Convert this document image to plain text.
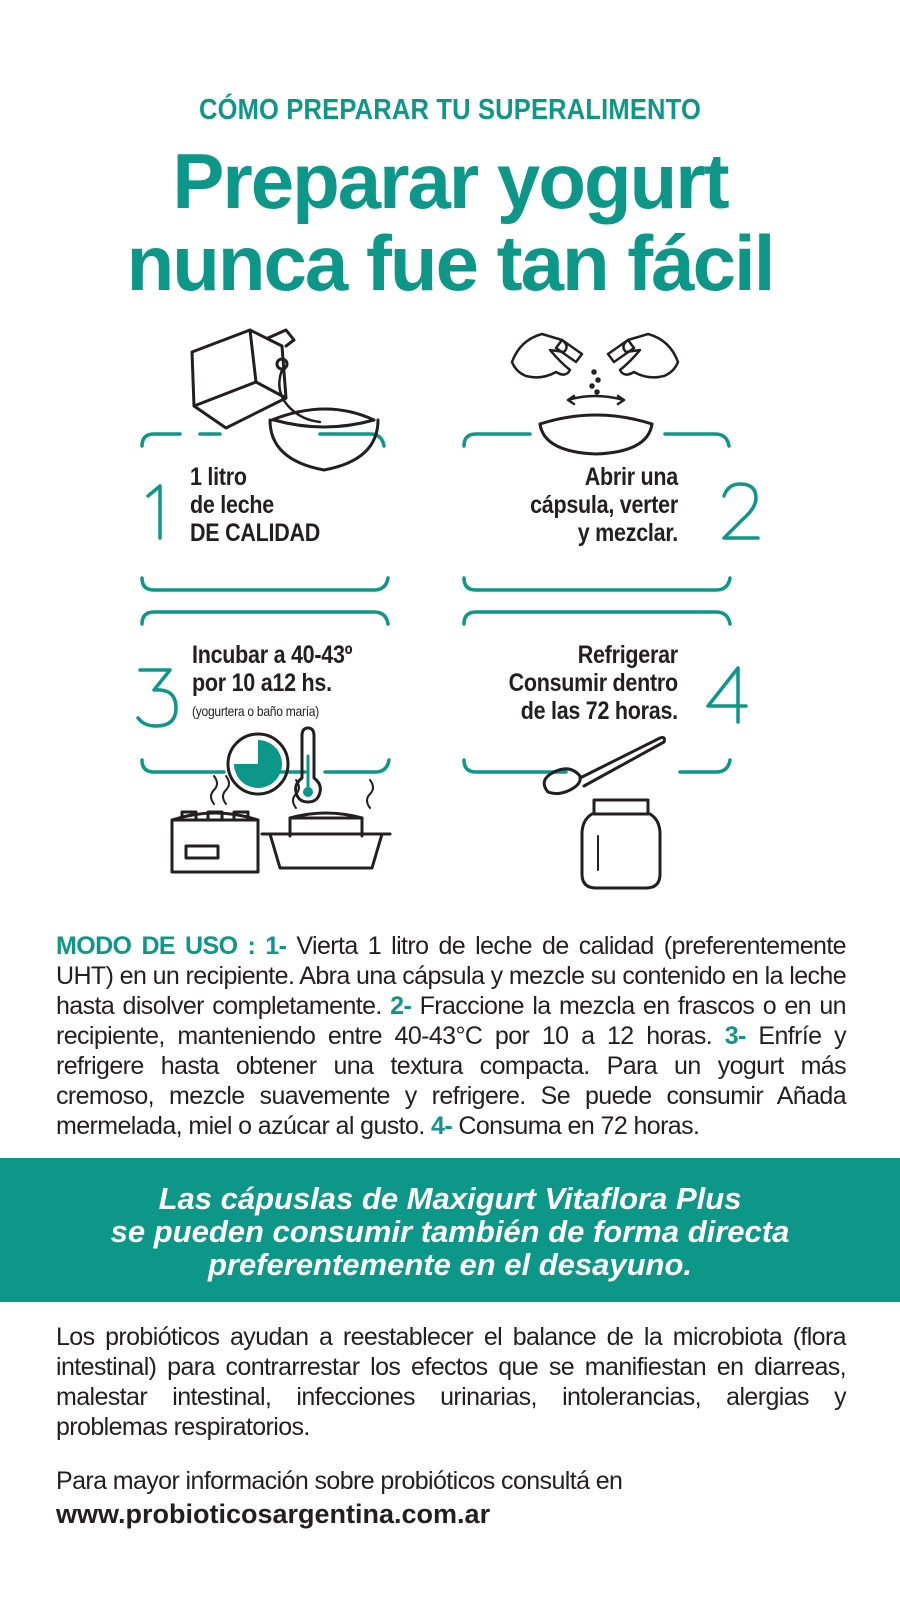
CÓMO PREPARAR TU SUPERALIMENTO
Preparar yogurt
nunca fue tan fácil
1 litro
de leche
DE CALIDAD
Abrir una
cápsula, verter
y mezclar.
Incubar a 40-43º
por 10 a12 hs.
(yogurtera o baño maría)
Refrigerar
Consumir dentro
de las 72 horas.
MODO DE USO : 1- Vierta 1 litro de leche de calidad (preferentemente UHT) en un recipiente. Abra una cápsula y mezcle su contenido en la leche hasta disolver completamente. 2- Fraccione la mezcla en frascos o en un recipiente, manteniendo entre 40-43°C por 10 a 12 horas. 3- Enfríe y refrigere hasta obtener una textura compacta. Para un yogurt más cremoso, mezcle suavemente y refrigere. Se puede consumir Añada mermelada, miel o azúcar al gusto. 4- Consuma en 72 horas.
Las cápuslas de Maxigurt Vitaflora Plus
se pueden consumir también de forma directa
preferentemente en el desayuno.
Los probióticos ayudan a reestablecer el balance de la microbiota (flora intestinal) para contrarrestar los efectos que se manifiestan en diarreas, malestar intestinal, infecciones urinarias, intolerancias, alergias y problemas respiratorios.
Para mayor información sobre probióticos consultá en
www.probioticosargentina.com.ar
